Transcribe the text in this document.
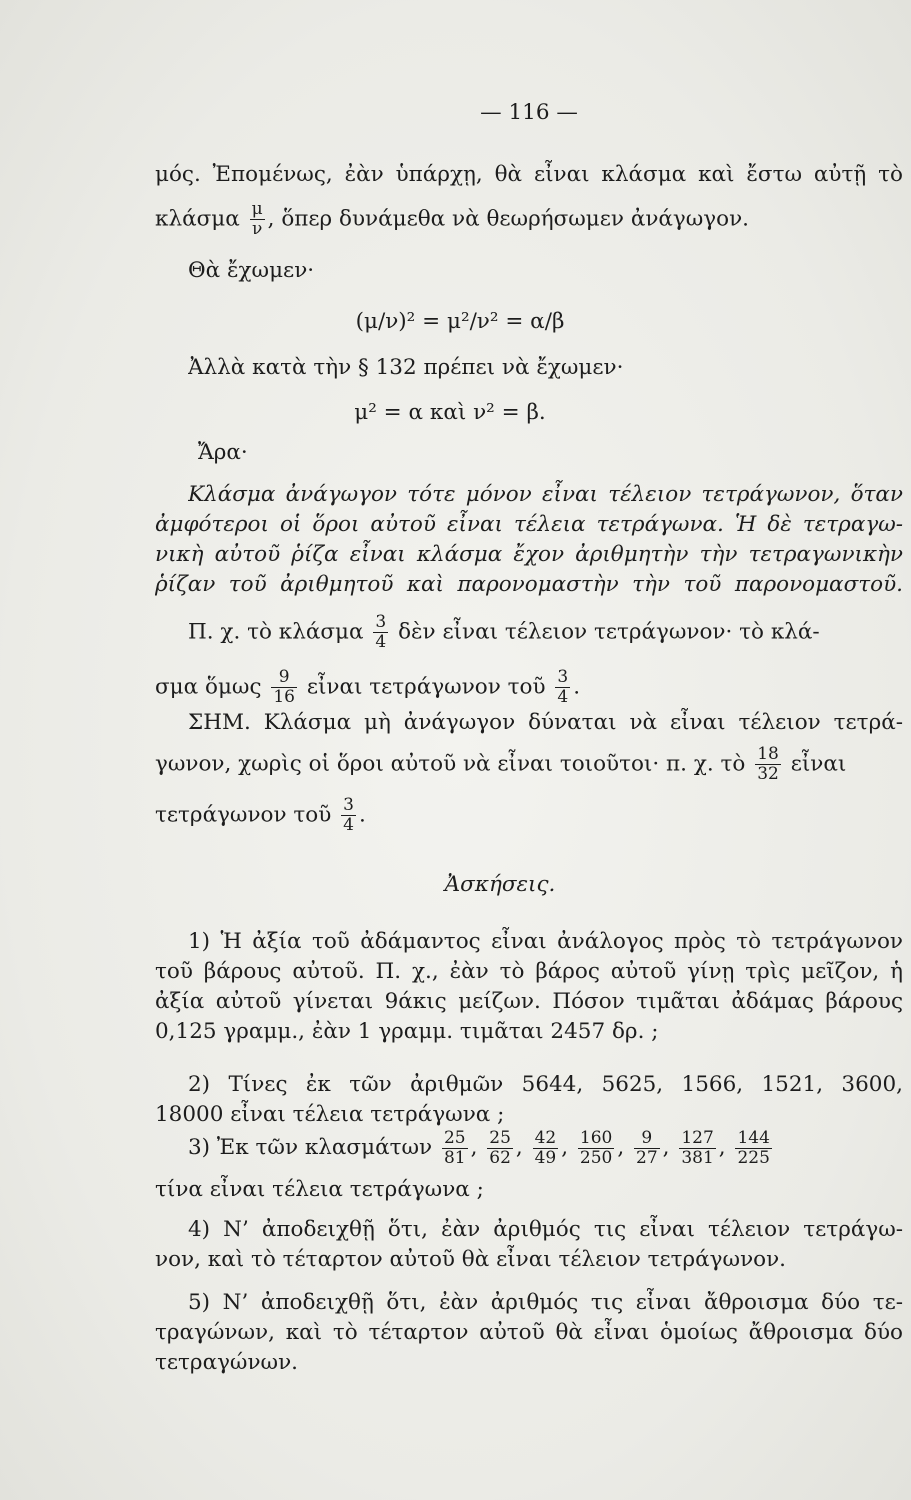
— 116 —
μός. Ἐπομένως, ἐὰν ὑπάρχῃ, θὰ εἶναι κλάσμα καὶ ἔστω αὐτῇ τὸ
κλάσμα $\frac{\mu}{\nu}$ , ὅπερ δυνάμεθα νὰ θεωρήσωμεν ἀνάγωγον.
Θὰ ἔχωμεν·
(μ/ν)² = μ²/ν² = α/β
Ἀλλὰ κατὰ τὴν § 132 πρέπει νὰ ἔχωμεν·
μ² = α καὶ ν² = β.
Ἄρα·
Κλάσμα ἀνάγωγον τότε μόνον εἶναι τέλειον τετράγωνον, ὅταν
ἀμφότεροι οἱ ὅροι αὐτοῦ εἶναι τέλεια τετράγωνα. Ἡ δὲ τετραγω-
νικὴ αὐτοῦ ῥίζα εἶναι κλάσμα ἔχον ἀριθμητὴν τὴν τετραγωνικὴν
ῥίζαν τοῦ ἀριθμητοῦ καὶ παρονομαστὴν τὴν τοῦ παρονομαστοῦ.
Π. χ. τὸ κλάσμα $\frac{3}{4}$ δὲν εἶναι τέλειον τετράγωνον· τὸ κλά-
σμα ὅμως $\frac{9}{16}$ εἶναι τετράγωνον τοῦ $\frac{3}{4}$ .
ΣΗΜ. Κλάσμα μὴ ἀνάγωγον δύναται νὰ εἶναι τέλειον τετρά-
γωνον, χωρὶς οἱ ὅροι αὐτοῦ νὰ εἶναι τοιοῦτοι· π. χ. τὸ $\frac{18}{32}$ εἶναι
τετράγωνον τοῦ $\frac{3}{4}$ .
Ἀσκήσεις.
1) Ἡ ἀξία τοῦ ἀδάμαντος εἶναι ἀνάλογος πρὸς τὸ τετράγωνον
τοῦ βάρους αὐτοῦ. Π. χ., ἐὰν τὸ βάρος αὐτοῦ γίνῃ τρὶς μεῖζον, ἡ
ἀξία αὐτοῦ γίνεται 9άκις μείζων. Πόσον τιμᾶται ἀδάμας βάρους
0,125 γραμμ., ἐὰν 1 γραμμ. τιμᾶται 2457 δρ. ;
2) Τίνες ἐκ τῶν ἀριθμῶν 5644, 5625, 1566, 1521, 3600,
18000 εἶναι τέλεια τετράγωνα ;
3) Ἐκ τῶν κλασμάτων $\frac{25}{81}$ , $\frac{25}{62}$ , $\frac{42}{49}$ , $\frac{160}{250}$ , $\frac{9}{27}$ , $\frac{127}{381}$ , $\frac{144}{225}$
τίνα εἶναι τέλεια τετράγωνα ;
4) Ν’ ἀποδειχθῇ ὅτι, ἐὰν ἀριθμός τις εἶναι τέλειον τετράγω-
νον, καὶ τὸ τέταρτον αὐτοῦ θὰ εἶναι τέλειον τετράγωνον.
5) Ν’ ἀποδειχθῇ ὅτι, ἐὰν ἀριθμός τις εἶναι ἄθροισμα δύο τε-
τραγώνων, καὶ τὸ τέταρτον αὐτοῦ θὰ εἶναι ὁμοίως ἄθροισμα δύο
τετραγώνων.
